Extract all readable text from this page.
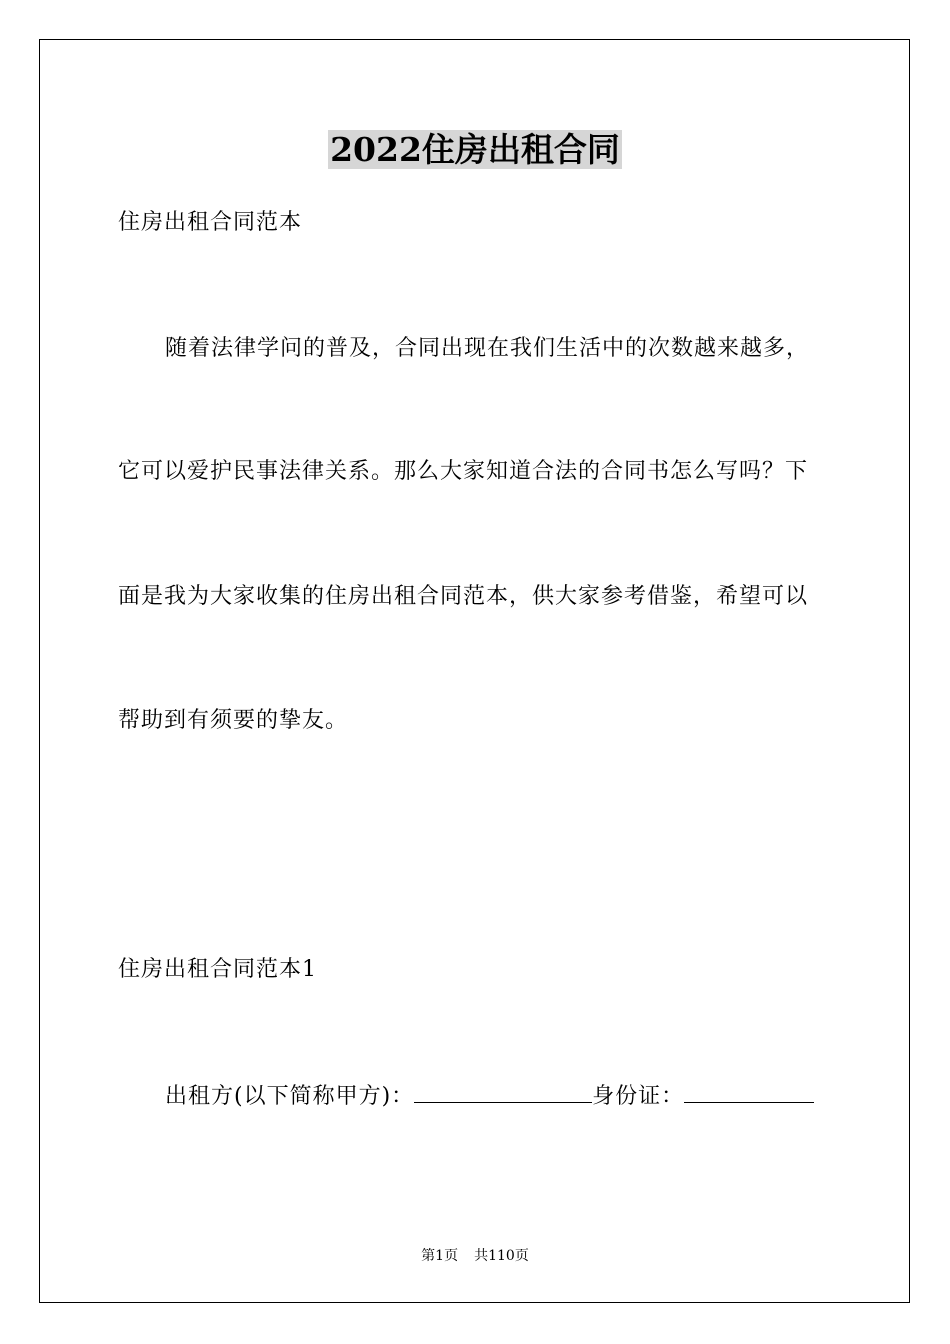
2022住房出租合同
住房出租合同范本
随着法律学问的普及，合同出现在我们生活中的次数越来越多，
它可以爱护民事法律关系。那么大家知道合法的合同书怎么写吗？下
面是我为大家收集的住房出租合同范本，供大家参考借鉴，希望可以
帮助到有须要的挚友。
住房出租合同范本1
出租方(以下简称甲方)：	身份证：
第1页 共110页
